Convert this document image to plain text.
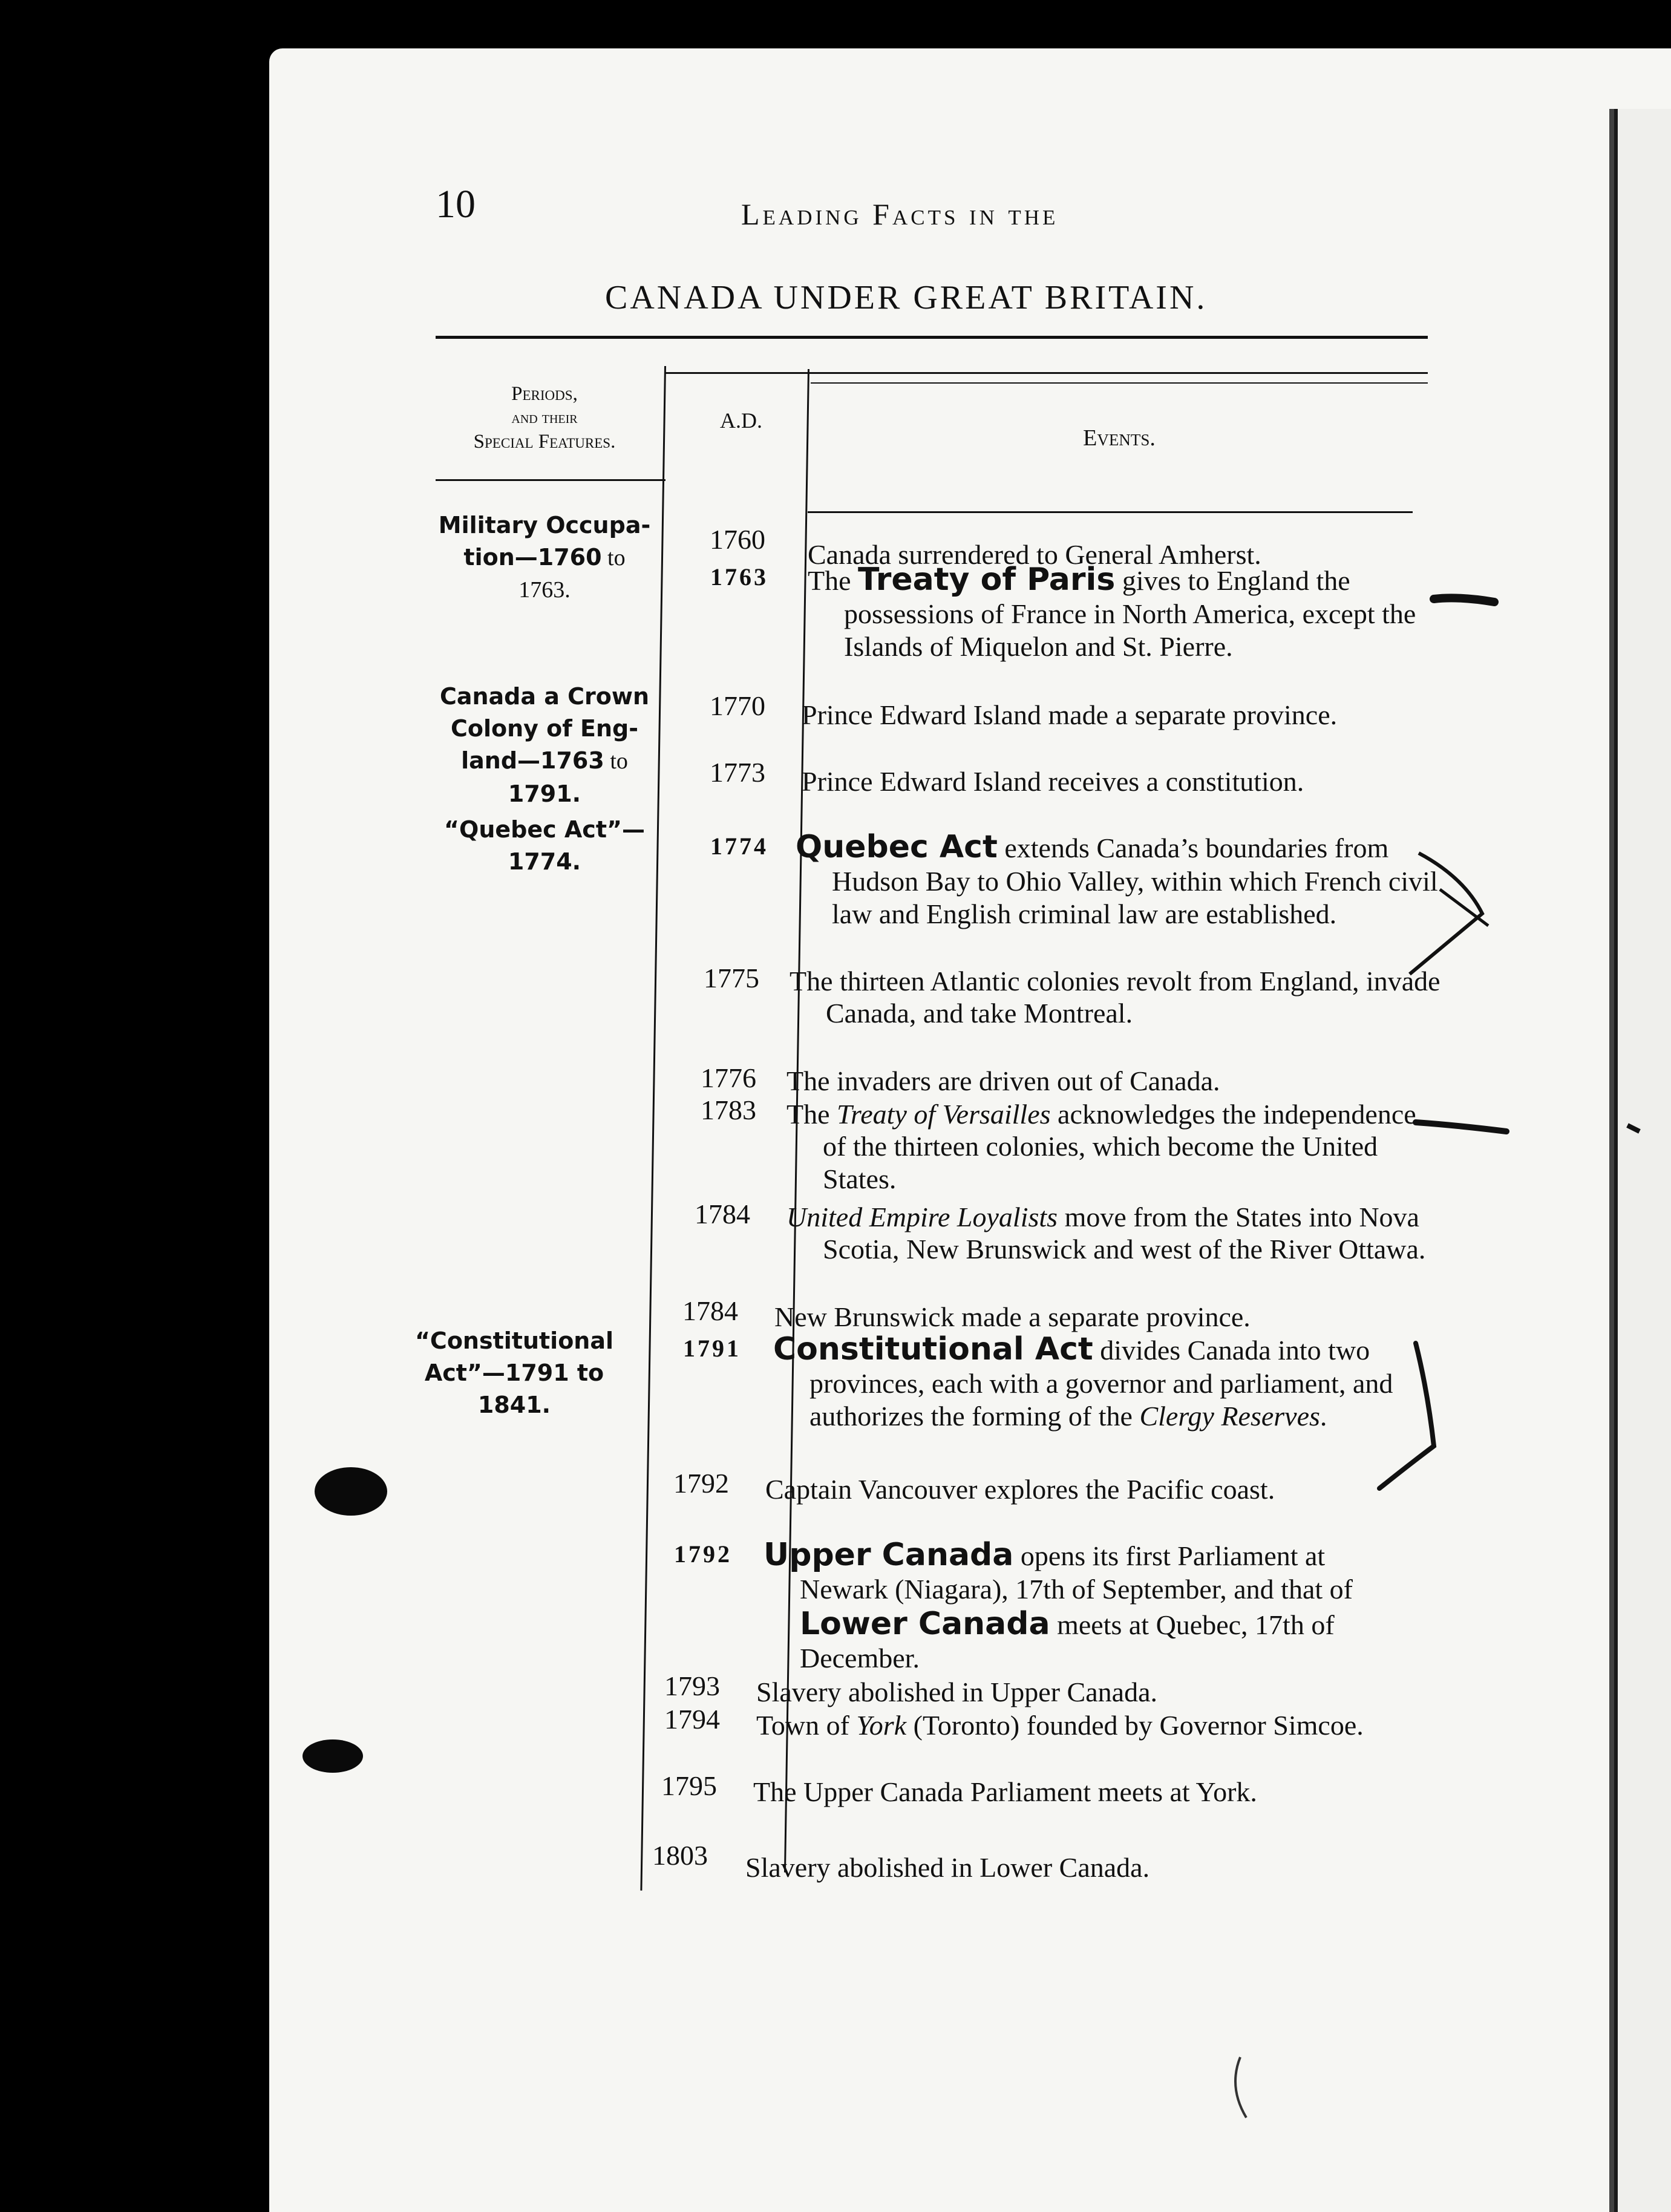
10	Leading Facts in the
CANADA UNDER GREAT BRITAIN.
Periods,
and their
Special Features.
A.D.
Events.
Military Occupa-
tion—1760 to
1763.
Canada a Crown
Colony of Eng-
land—1763 to
1791.
“Quebec Act”—
1774.
“Constitutional
Act”—1791 to
1841.
1760 Canada surrendered to General Amherst.
1763 The Treaty of Paris gives to England the possessions of France in North America, except the Islands of Miquelon and St. Pierre.
1770 Prince Edward Island made a separate province.
1773 Prince Edward Island receives a constitution.
1774 Quebec Act extends Canada’s boundaries from Hudson Bay to Ohio Valley, within which French civil law and English criminal law are established.
1775 The thirteen Atlantic colonies revolt from England, invade Canada, and take Montreal.
1776 The invaders are driven out of Canada.
1783 The Treaty of Versailles acknowledges the independence of the thirteen colonies, which become the United States.
1784 United Empire Loyalists move from the States into Nova Scotia, New Brunswick and west of the River Ottawa.
1784 New Brunswick made a separate province.
1791 Constitutional Act divides Canada into two provinces, each with a governor and parliament, and authorizes the forming of the Clergy Reserves.
1792 Captain Vancouver explores the Pacific coast.
1792 Upper Canada opens its first Parliament at Newark (Niagara), 17th of September, and that of Lower Canada meets at Quebec, 17th of December.
1793 Slavery abolished in Upper Canada.
1794 Town of York (Toronto) founded by Governor Simcoe.
1795 The Upper Canada Parliament meets at York.
1803 Slavery abolished in Lower Canada.
